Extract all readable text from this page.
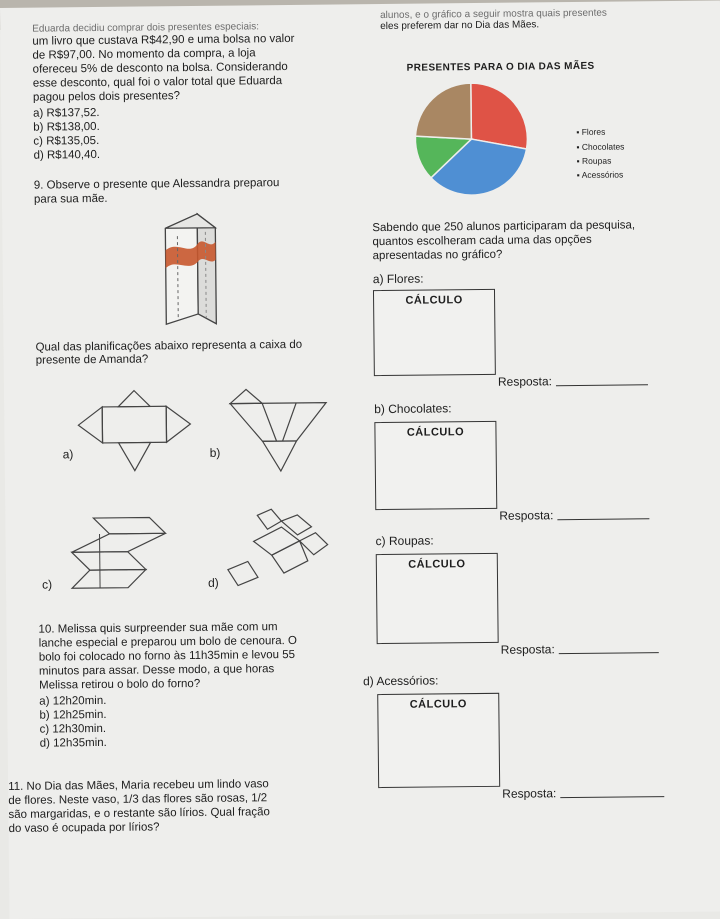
alunos, e o gráfico a seguir mostra quais presentes
eles preferem dar no Dia das Mães.
Eduarda decidiu comprar dois presentes especiais:
um livro que custava R$42,90 e uma bolsa no valor
de R$97,00. No momento da compra, a loja
ofereceu 5% de desconto na bolsa. Considerando
esse desconto, qual foi o valor total que Eduarda
pagou pelos dois presentes?
a) R$137,52.
b) R$138,00.
c) R$135,05.
d) R$140,40.
9. Observe o presente que Alessandra preparou
para sua mãe.
Qual das planificações abaixo representa a caixa do
presente de Amanda?
a)	b)
c)	d)
10. Melissa quis surpreender sua mãe com um
lanche especial e preparou um bolo de cenoura. O
bolo foi colocado no forno às 11h35min e levou 55
minutos para assar. Desse modo, a que horas
Melissa retirou o bolo do forno?
a) 12h20min.
b) 12h25min.
c) 12h30min.
d) 12h35min.
11. No Dia das Mães, Maria recebeu um lindo vaso
de flores. Neste vaso, 1/3 das flores são rosas, 1/2
são margaridas, e o restante são lírios. Qual fração
do vaso é ocupada por lírios?
PRESENTES PARA O DIA DAS MÃES
▪ Flores
▪ Chocolates
▪ Roupas
▪ Acessórios
Sabendo que 250 alunos participaram da pesquisa,
quantos escolheram cada uma das opções
apresentadas no gráfico?
a) Flores:
CÁLCULO
Resposta:
b) Chocolates:
CÁLCULO
Resposta:
c) Roupas:
CÁLCULO
Resposta:
d) Acessórios:
CÁLCULO
Resposta:
